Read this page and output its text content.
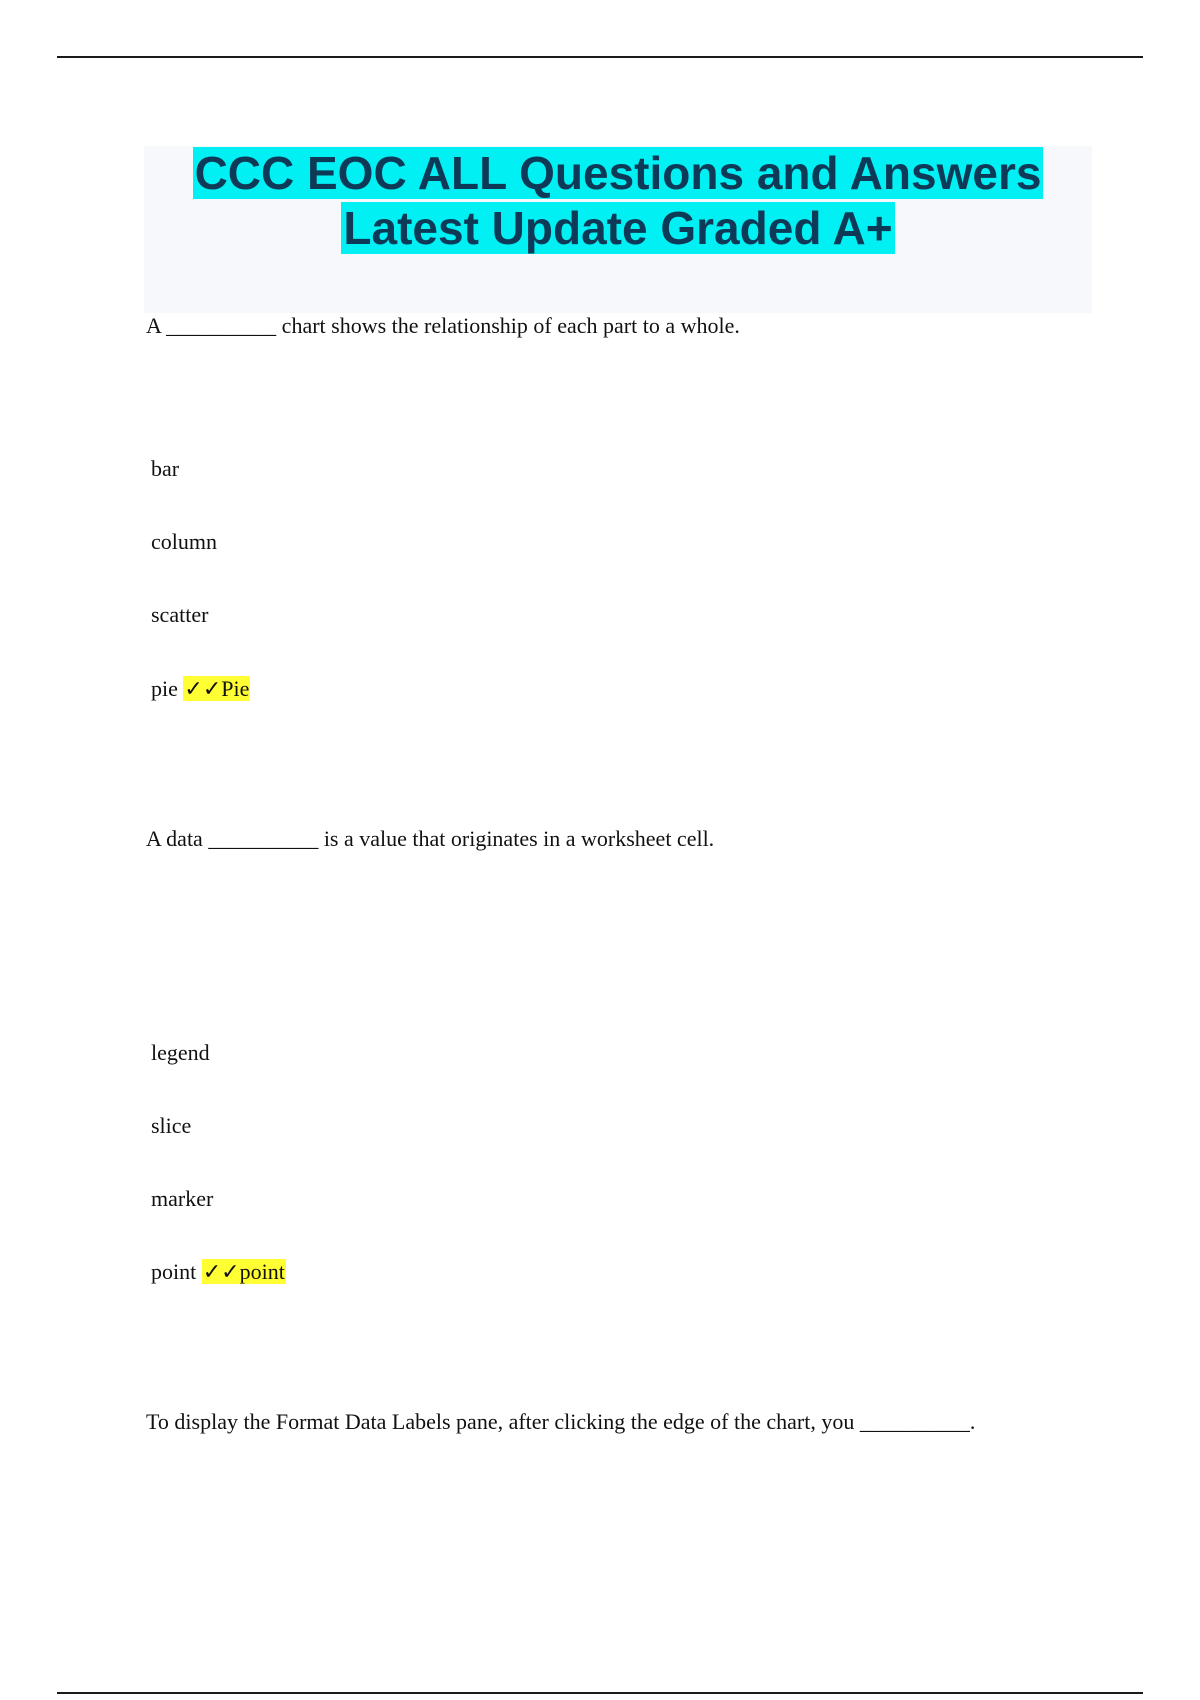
CCC EOC ALL Questions and Answers
Latest Update Graded A+
A __________ chart shows the relationship of each part to a whole.
bar
column
scatter
pie ✓✓Pie
A data __________ is a value that originates in a worksheet cell.
legend
slice
marker
point ✓✓point
To display the Format Data Labels pane, after clicking the edge of the chart, you __________.
